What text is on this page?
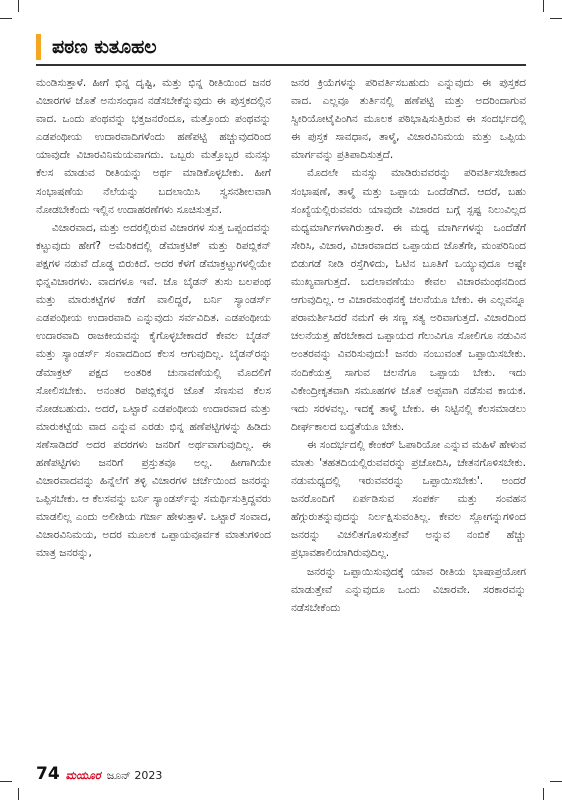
ಪಠಣ ಕುತೂಹಲ

ಮಂಡಿಸುತ್ತಾಳೆ. ಹೀಗೆ ಭಿನ್ನ ದೃಷ್ಟಿ, ಮತ್ತು ಭಿನ್ನ ರೀತಿಯಿಂದ ಜನರ ವಿಚಾರಗಳ ಜೊತೆ ಅನುಸಂಧಾನ ನಡೆಸಬೇಕೆನ್ನುವುದು ಈ ಪುಸ್ತಕದಲ್ಲಿನ ವಾದ. ಒಂದು ಪಂಥವನ್ನು ಭಕ್ತಜನರೆಂದೂ, ಮತ್ತೊಂದು ಪಂಥವನ್ನು ಎಡಪಂಥೀಯ ಉದಾರವಾದಿಗಳೆಂದು ಹಣೆಪಟ್ಟಿ ಹಚ್ಚುವುದರಿಂದ ಯಾವುದೇ ವಿಚಾರವಿನಿಮಯವಾಗದು. ಒಬ್ಬರು ಮತ್ತೊಬ್ಬರ ಮನಸ್ಸು ಕೆಲಸ ಮಾಡುವ ರೀತಿಯನ್ನು ಅರ್ಥ ಮಾಡಿಕೊಳ್ಳಬೇಕು. ಹೀಗೆ ಸಂಭಾಷಣೆಯ ನೆಲೆಯನ್ನು ಬದಲಾಯಿಸಿ ಸ್ವಸನಶೀಲವಾಗಿ ನೋಡಬೇಕೆಂದು ಇಲ್ಲಿನ ಉದಾಹರಣೆಗಳು ಸೂಚಿಸುತ್ತವೆ.

ವಿಚಾರವಾದ, ಮತ್ತು ಅದರಲ್ಲಿರುವ ವಿಚಾರಗಳ ಸುತ್ತ ಒಪ್ಪಂದವನ್ನು ಕಟ್ಟುವುದು ಹೇಗೆ? ಅಮೆರಿಕದಲ್ಲಿ ಡೆಮಾಕ್ರಟಿಕ್ ಮತ್ತು ರಿಪಬ್ಲಿಕನ್ ಪಕ್ಷಗಳ ನಡುವೆ ದೊಡ್ಡ ಬಿರುಕಿದೆ. ಅದರ ಕೆಳಗೆ ಡೆಮಾಕ್ರಟ್ಟುಗಳಲ್ಲಿಯೇ ಭಿನ್ನವಿಚಾರಗಳು. ವಾದಗಳೂ ಇವೆ. ಜೊ ಬೈಡನ್ ತುಸು ಬಲಪಂಥ ಮತ್ತು ಮಾರುಕಟ್ಟೆಗಳ ಕಡೆಗೆ ವಾಲಿದ್ದರೆ, ಬರ್ನಿ ಸ್ಯಾಂಡರ್ಸ್ ಎಡಪಂಥೀಯ ಉದಾರವಾದಿ ಎನ್ನುವುದು ಸರ್ವವಿದಿತ. ಎಡಪಂಥೀಯ ಉದಾರವಾದಿ ರಾಜಕೀಯವನ್ನು ಕೈಗೊಳ್ಳಬೇಕಾದರೆ ಕೇವಲ ಬೈಡನ್ ಮತ್ತು ಸ್ಯಾಂಡರ್ಸ್ ಸಂವಾದದಿಂದ ಕೆಲಸ ಆಗುವುದಿಲ್ಲ. ಬೈಡನ್‌ರನ್ನು ಡೆಮಾಕ್ರಟ್ ಪಕ್ಷದ ಅಂತರಿಕ ಚುನಾವಣೆಯಲ್ಲಿ ಮೊದಲಿಗೆ ಸೋಲಿಸಬೇಕು. ಅನಂತರ ರಿಪಬ್ಲಿಕನ್ನರ ಜೊತೆ ಸೆಣಸುವ ಕೆಲಸ ನೋಡಬಹುದು. ಅದರೆ, ಒಟ್ಟಾರೆ ಎಡಪಂಥೀಯ ಉದಾರವಾದ ಮತ್ತು ಮಾರುಕಟ್ಟೆಯ ವಾದ ಎನ್ನುವ ಎರಡು ಭಿನ್ನ ಹಣೆಪಟ್ಟಿಗಳನ್ನು ಹಿಡಿದು ಸಣೆಸಾಡಿದರೆ ಅದರ ಪದರಗಳು ಜನರಿಗೆ ಅರ್ಥವಾಗುವುದಿಲ್ಲ. ಈ ಹಣೆಪಟ್ಟಿಗಳು ಜನರಿಗೆ ಪ್ರಸ್ತುತವೂ ಅಲ್ಲ. ಹೀಗಾಗಿಯೇ ವಿಚಾರವಾದವನ್ನು ಹಿನ್ನೆಲೆಗೆ ತಳ್ಳಿ ವಿಚಾರಗಳ ಚರ್ಚೆಯಿಂದ ಜನರನ್ನು ಒಪ್ಪಿಸಬೇಕು. ಆ ಕೆಲಸವನ್ನು ಬರ್ನಿ ಸ್ಯಾಂಡರ್ಸ್‌ನ್ನು ಸಮರ್ಥಿಸುತ್ತಿದ್ದವರು ಮಾಡಲಿಲ್ಲ ಎಂದು ಅಲೀಶಿಯ ಗರ್ಜಾ ಹೇಳುತ್ತಾಳೆ. ಒಟ್ಟಾರೆ ಸಂವಾದ, ವಿಚಾರವಿನಿಮಯ, ಅದರ ಮೂಲಕ ಒಪ್ಪಾಯವೂರ್ವಕ ಮಾತುಗಳಿಂದ ಮಾತ್ರ ಜನರನ್ನು,

ಜನರ ಕ್ರಿಯೆಗಳನ್ನು ಪರಿವರ್ತಿಸಬಹುದು ಎನ್ನುವುದು ಈ ಪುಸ್ತಕದ ವಾದ. ಎಲ್ಲವೂ ತುರ್ತಿನಲ್ಲಿ ಹಣೆಪಟ್ಟಿ ಮತ್ತು ಅದರಿಂದಾಗುವ ಸ್ವೀರಿಯೋಟೈಪಿಂಗಿನ ಮೂಲಕ ಪಠಿಭಾಷಿಸುತ್ತಿರುವ ಈ ಸಂದರ್ಭದಲ್ಲಿ ಈ ಪುಸ್ತಕ ಸಾವಧಾನ, ತಾಳ್ಮೆ, ವಿಚಾರವಿನಿಮಯ ಮತ್ತು ಒಪ್ಪಿಯ ಮಾರ್ಗವನ್ನು ಪ್ರತಿಪಾದಿಸುತ್ತದೆ.

ಮೊದಲೇ ಮನಸ್ಸು ಮಾಡಿರುವವರನ್ನು ಪರಿವರ್ತಿಸಬೇಕಾದ ಸಂಭಾಷಣೆ, ತಾಳ್ಮೆ ಮತ್ತು ಒಪ್ಪಾಯ ಒಂದೆಡೆಗಿದೆ. ಆದರೆ, ಬಹು ಸಂಖ್ಯೆಯಲ್ಲಿರುವವರು ಯಾವುದೇ ವಿಚಾರದ ಬಗ್ಗೆ ಸ್ಪಷ್ಟ ನಿಲುವಿಲ್ಲದ ಮಧ್ಯಮಾರ್ಗಿಗಳಾಗಿರುತ್ತಾರೆ. ಈ ಮಧ್ಯ ಮಾರ್ಗಿಗಳನ್ನು ಒಂದೆಡೆಗೆ ಸೇರಿಸಿ, ವಿಚಾರ, ವಿಚಾರವಾದದ ಒಪ್ಪಾಯದ ಜೊತೆಗೇ, ಮಂಪರಿನಿಂದ ಬಿಡುಗಡೆ ನೀಡಿ ರಸ್ತೆಗಿಳಿದು, ಓಟಿನ ಬೂತಿಗೆ ಒಯ್ಯುವುದೂ ಅಷ್ಟೇ ಮುಖ್ಯವಾಗುತ್ತದೆ. ಬದಲಾವಣೆಯು ಕೇವಲ ವಿಚಾರಮಂಥನದಿಂದ ಆಗುವುದಿಲ್ಲ. ಆ ವಿಚಾರಮಂಥನಕ್ಕೆ ಚಲನೆಯೂ ಬೇಕು. ಈ ಎಲ್ಲವನ್ನೂ ಪರಾಮರ್ಶಿಸಿದರೆ ನಮಗೆ ಈ ಸಣ್ಣ ಸತ್ಯ ಅರಿವಾಗುತ್ತದೆ. ವಿಚಾರದಿಂದ ಚಲನೆಯತ್ತ ಹೆರಬೇಕಾದ ಒಪ್ಪಾಯದ ಗೆಲುವಿಗೂ ಸೋಲಿಗೂ ನಡುವಿನ ಅಂತರವನ್ನು ವಿವರಿಸುವುದು! ಜನರು ನಂಬುವಂತೆ ಒಪ್ಪಾಯಿಸಬೇಕು. ನಂದಿಕೆಯತ್ತ ಸಾಗುವ ಚಲನೆಗೂ ಒಪ್ಪಾಯ ಬೇಕು. ಇದು ವಿಕೇಂದ್ರೀಕೃತವಾಗಿ ಸಮೂಹಗಳ ಜೊತೆ ಅಪ್ಪವಾಗಿ ನಡೆಸುವ ಕಾಯಕ. ಇದು ಸರಳವಲ್ಲ. ಇದಕ್ಕೆ ತಾಳ್ಮೆ ಬೇಕು. ಈ ನಿಟ್ಟಿನಲ್ಲಿ ಕೆಲಸಮಾಡಲು ದೀರ್ಘಕಾಲದ ಬದ್ಧತೆಯೂ ಬೇಕು.

ಈ ಸಂದರ್ಭದಲ್ಲಿ ಕೇಂಕರ್ ಓಪಾರಿಯೋ ಎನ್ನುವ ಮಹಿಳೆ ಹೇಳುವ ಮಾತು 'ತಹತದಿಯಲ್ಲಿರುವವರನ್ನು ಪ್ರಚೋದಿಸಿ, ಚೇತನಗೊಳಿಸಬೇಕು. ನಡುಮಧ್ಯದಲ್ಲಿ ಇರುವವರನ್ನು ಒಪ್ಪಾಯಿಸಬೇಕು'. ಅಂದರೆ ಜನರೊಂದಿಗೆ ಏರ್ಪಡಿಸುವ ಸಂಪರ್ಕ ಮತ್ತು ಸಂವಹನ ಹೆಗ್ಗುರುತನ್ನುವುದನ್ನು ನಿರ್ಲಕ್ಷಿಸುವಂತಿಲ್ಲ. ಕೇವಲ ಸ್ಲೋಗನ್ನುಗಳಿಂದ ಜನರನ್ನು ವಿಚಲಿತಗೊಳಿಸುತ್ತೇವೆ ಅನ್ನುವ ನಂಬಿಕೆ ಹೆಚ್ಚು ಪ್ರಭಾವಶಾಲಿಯಾಗಿರುವುದಿಲ್ಲ.

ಜನರನ್ನು ಒಪ್ಪಾಯಿಸುವುದಕ್ಕೆ ಯಾವ ರೀತಿಯ ಭಾಷಾಪ್ರಯೋಗ ಮಾಡುತ್ತೇವೆ ಎನ್ನುವುದೂ ಒಂದು ವಿಚಾರವೇ. ಸರಕಾರವನ್ನು ನಡೆಸಬೇಕೆಂದು

74 ಮಯೂರ ಜೂನ್ 2023
